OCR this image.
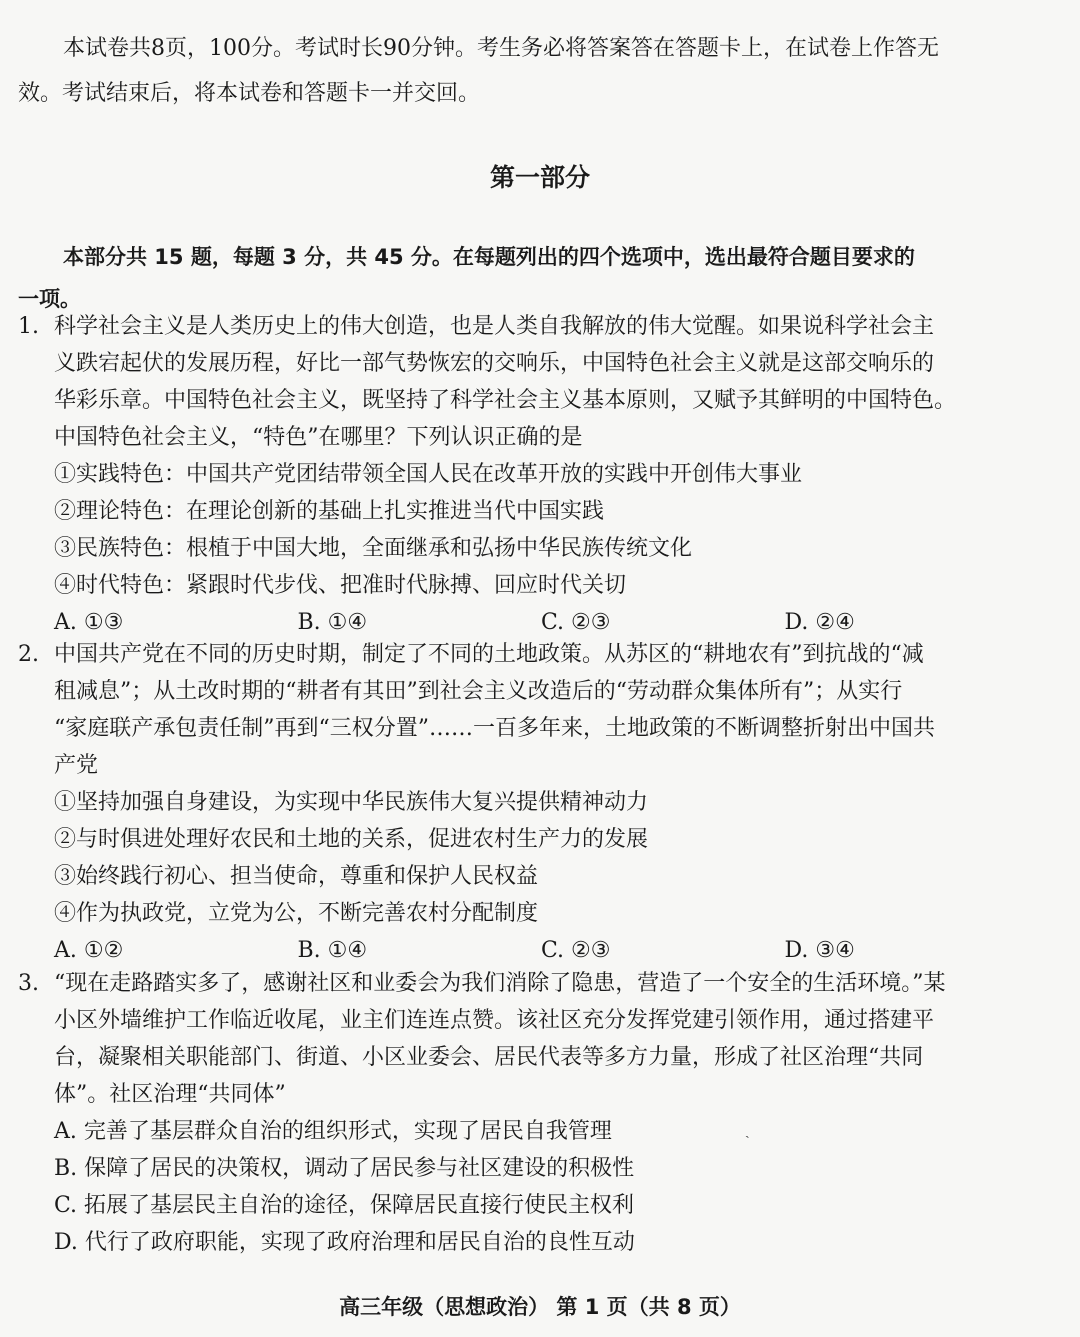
本试卷共8页，100分。考试时长90分钟。考生务必将答案答在答题卡上，在试卷上作答无
效。考试结束后，将本试卷和答题卡一并交回。
第一部分
本部分共 15 题，每题 3 分，共 45 分。在每题列出的四个选项中，选出最符合题目要求的
一项。
1. 科学社会主义是人类历史上的伟大创造，也是人类自我解放的伟大觉醒。如果说科学社会主
义跌宕起伏的发展历程，好比一部气势恢宏的交响乐，中国特色社会主义就是这部交响乐的
华彩乐章。中国特色社会主义，既坚持了科学社会主义基本原则，又赋予其鲜明的中国特色。
中国特色社会主义，“特色”在哪里？下列认识正确的是
①实践特色：中国共产党团结带领全国人民在改革开放的实践中开创伟大事业
②理论特色：在理论创新的基础上扎实推进当代中国实践
③民族特色：根植于中国大地，全面继承和弘扬中华民族传统文化
④时代特色：紧跟时代步伐、把准时代脉搏、回应时代关切
A. ①③	B. ①④	C. ②③	D. ②④
2. 中国共产党在不同的历史时期，制定了不同的土地政策。从苏区的“耕地农有”到抗战的“减
租减息”；从土改时期的“耕者有其田”到社会主义改造后的“劳动群众集体所有”；从实行
“家庭联产承包责任制”再到“三权分置”……一百多年来，土地政策的不断调整折射出中国共
产党
①坚持加强自身建设，为实现中华民族伟大复兴提供精神动力
②与时俱进处理好农民和土地的关系，促进农村生产力的发展
③始终践行初心、担当使命，尊重和保护人民权益
④作为执政党，立党为公，不断完善农村分配制度
A. ①②	B. ①④	C. ②③	D. ③④
3. “现在走路踏实多了，感谢社区和业委会为我们消除了隐患，营造了一个安全的生活环境。”某
小区外墙维护工作临近收尾，业主们连连点赞。该社区充分发挥党建引领作用，通过搭建平
台，凝聚相关职能部门、街道、小区业委会、居民代表等多方力量，形成了社区治理“共同
体”。社区治理“共同体”
A. 完善了基层群众自治的组织形式，实现了居民自我管理
B. 保障了居民的决策权，调动了居民参与社区建设的积极性
C. 拓展了基层民主自治的途径，保障居民直接行使民主权利
D. 代行了政府职能，实现了政府治理和居民自治的良性互动
ˎ
高三年级（思想政治） 第 1 页（共 8 页）
